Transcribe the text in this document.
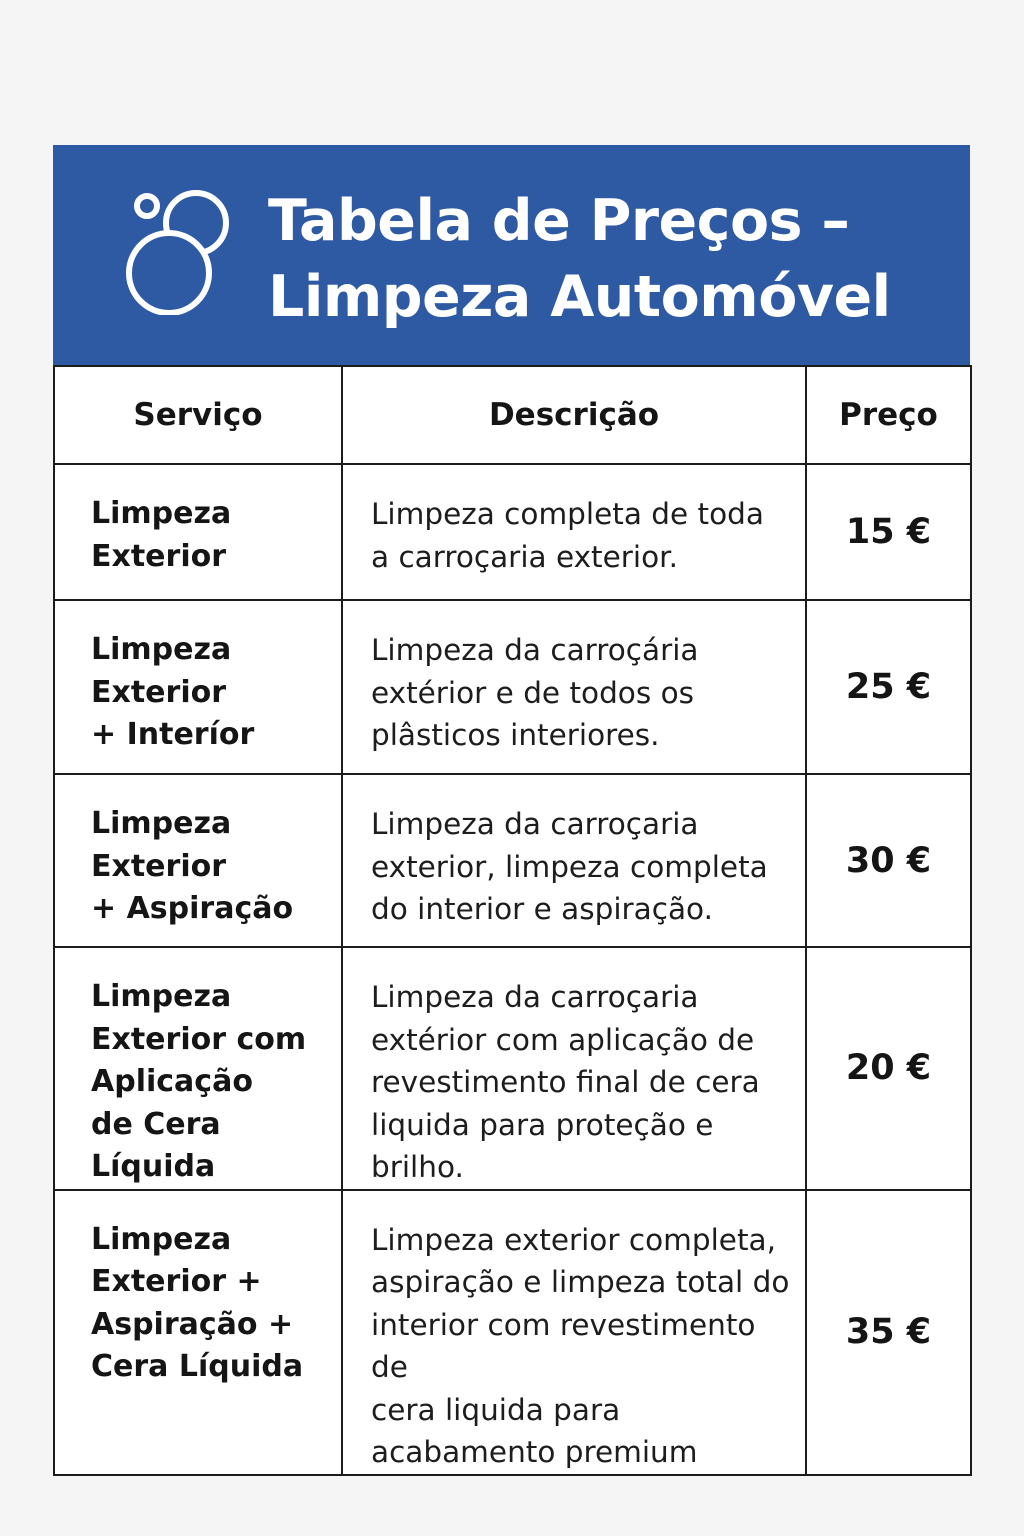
Tabela de Preços –
Limpeza Automóvel
Serviço	Descrição	Preço
Limpeza
Exterior	Limpeza completa de toda
a carroçaria exterior.	15 €
Limpeza
Exterior
+ Interíor	Limpeza da carroçária
extérior e de todos os
plâsticos interiores.	25 €
Limpeza
Exterior
+ Aspiração	Limpeza da carroçaria
exterior, limpeza completa
do interior e aspiração.	30 €
Limpeza
Exterior com
Aplicação
de Cera Líquida	Limpeza da carroçaria
extérior com aplicação de
revestimento final de cera
liquida para proteção e brilho.	20 €
Limpeza
Exterior +
Aspiração +
Cera Líquida	Limpeza exterior completa,
aspiração e limpeza total do
interior com revestimento de
cera liquida para
acabamento premium	35 €
